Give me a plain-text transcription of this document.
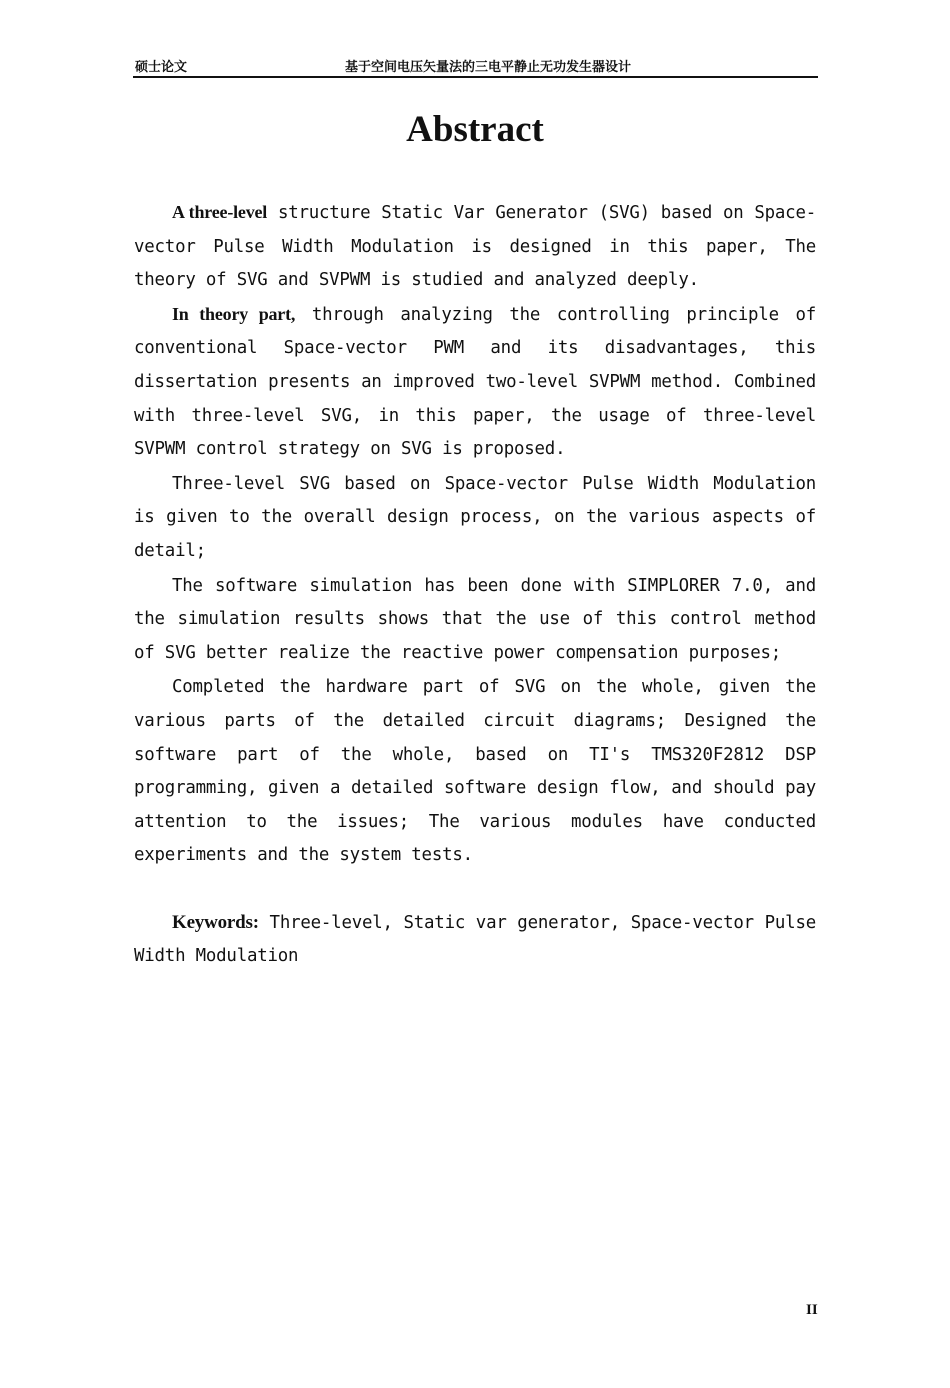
硕士论文	基于空间电压矢量法的三电平静止无功发生器设计
Abstract

A three-level structure Static Var Generator (SVG) based on Space-vector Pulse Width Modulation is designed in this paper, The theory of SVG and SVPWM is studied and analyzed deeply.

In theory part, through analyzing the controlling principle of conventional Space-vector PWM and its disadvantages, this dissertation presents an improved two-level SVPWM method. Combined with three-level SVG, in this paper, the usage of three-level SVPWM control strategy on SVG is proposed.

Three-level SVG based on Space-vector Pulse Width Modulation is given to the overall design process, on the various aspects of detail;

The software simulation has been done with SIMPLORER 7.0, and the simulation results shows that the use of this control method of SVG better realize the reactive power compensation purposes;

Completed the hardware part of SVG on the whole, given the various parts of the detailed circuit diagrams; Designed the software part of the whole, based on TI's TMS320F2812 DSP programming, given a detailed software design flow, and should pay attention to the issues; The various modules have conducted experiments and the system tests.

Keywords: Three-level, Static var generator, Space-vector Pulse Width Modulation

II
